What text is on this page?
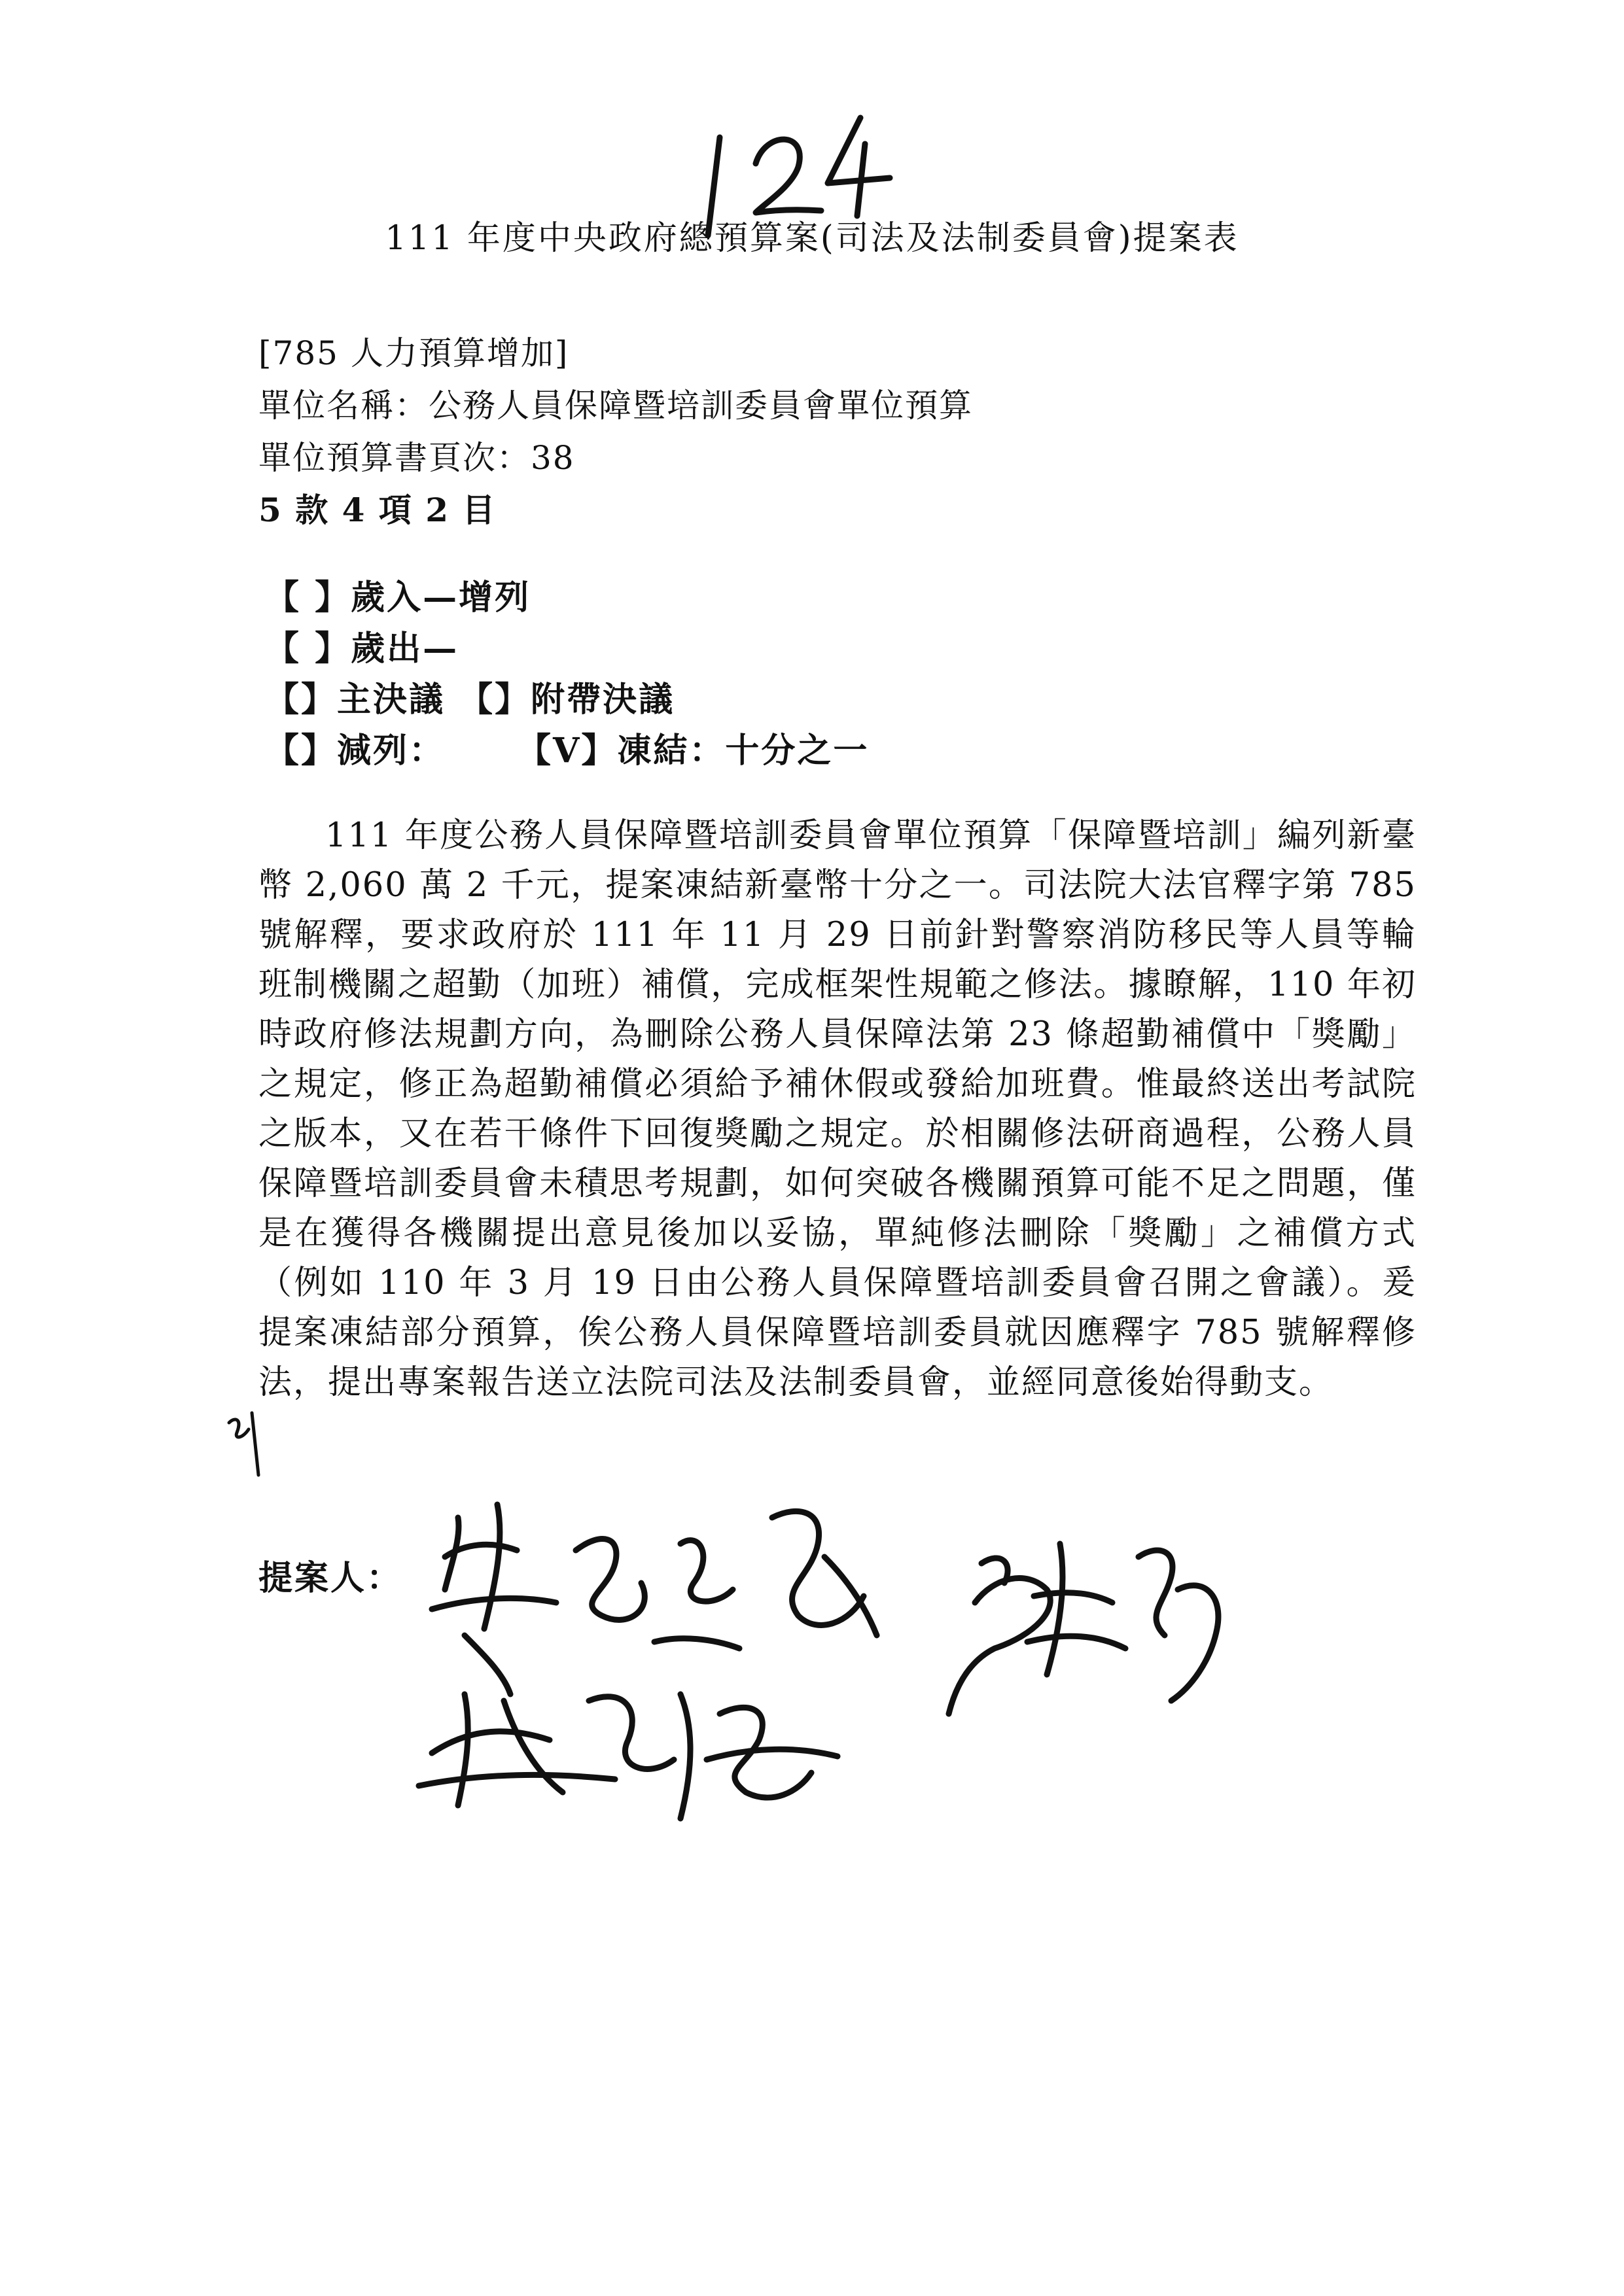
111 年度中央政府總預算案(司法及法制委員會)提案表
[785 人力預算增加]
單位名稱：公務人員保障暨培訓委員會單位預算
單位預算書頁次：38
5 款 4 項 2 目
【 】歲入—增列
【 】歲出—
【】主決議 【】附帶決議
【】減列： 【V】凍結：十分之一
111 年度公務人員保障暨培訓委員會單位預算「保障暨培訓」編列新臺幣 2,060 萬 2 千元，提案凍結新臺幣十分之一。司法院大法官釋字第 785 號解釋，要求政府於 111 年 11 月 29 日前針對警察消防移民等人員等輪班制機關之超勤（加班）補償，完成框架性規範之修法。據瞭解，110 年初時政府修法規劃方向，為刪除公務人員保障法第 23 條超勤補償中「獎勵」之規定，修正為超勤補償必須給予補休假或發給加班費。惟最終送出考試院之版本，又在若干條件下回復獎勵之規定。於相關修法研商過程，公務人員保障暨培訓委員會未積思考規劃，如何突破各機關預算可能不足之問題，僅是在獲得各機關提出意見後加以妥協，單純修法刪除「獎勵」之補償方式（例如 110 年 3 月 19 日由公務人員保障暨培訓委員會召開之會議）。爰提案凍結部分預算，俟公務人員保障暨培訓委員就因應釋字 785 號解釋修法，提出專案報告送立法院司法及法制委員會，並經同意後始得動支。
提案人：
